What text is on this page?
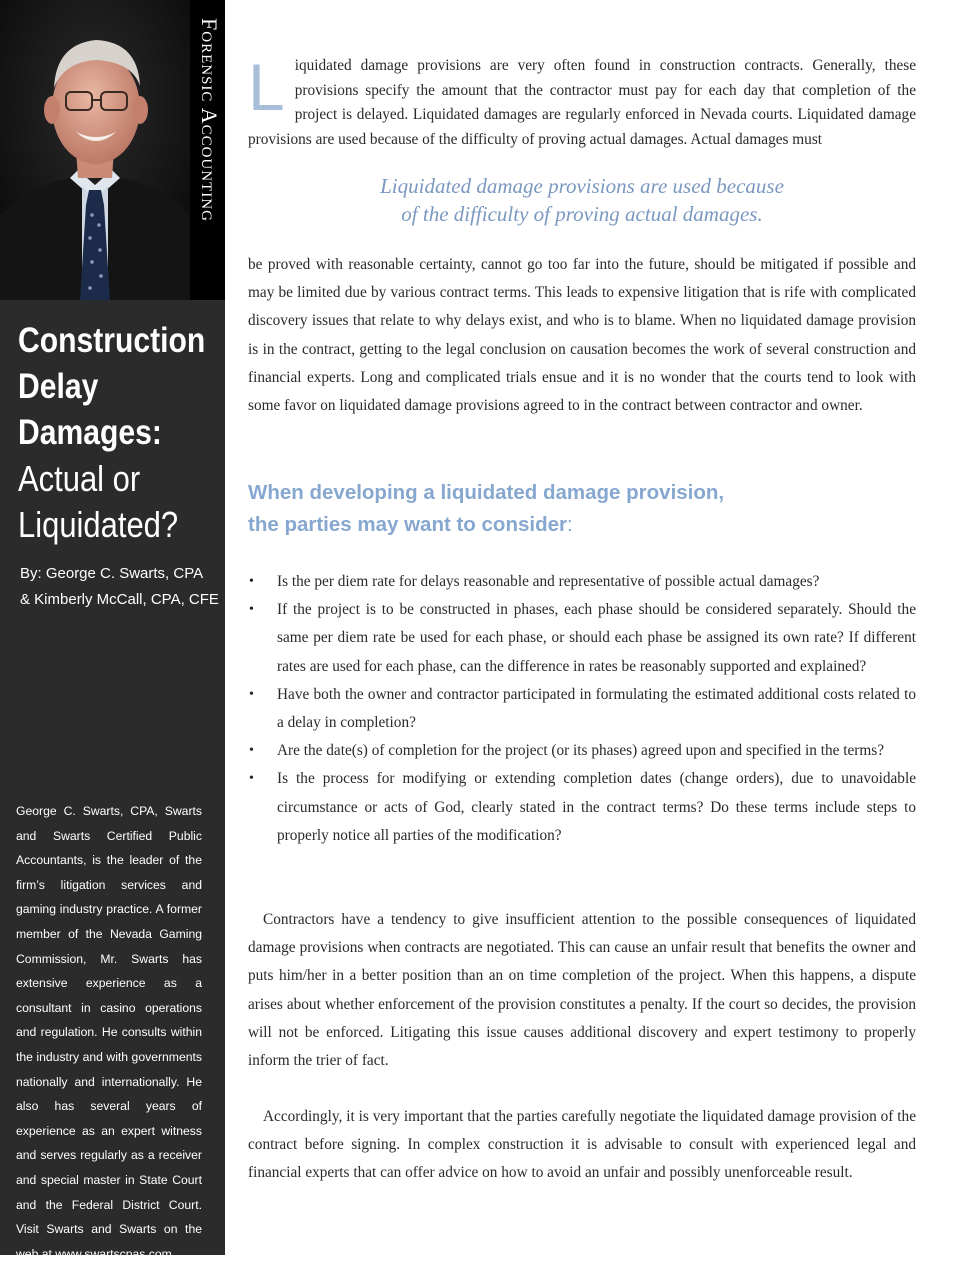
Forensic Accounting
Construction
Delay
Damages:
Actual or
Liquidated?
By: George C. Swarts, CPA
& Kimberly McCall, CPA, CFE
George C. Swarts, CPA, Swarts and Swarts Certified Public Accountants, is the leader of the firm’s litigation services and gaming industry practice. A former member of the Nevada Gaming Commission, Mr. Swarts has extensive experience as a consultant in casino operations and regulation. He consults within the industry and with governments nationally and internationally. He also has several years of experience as an expert witness and serves regularly as a receiver and special master in State Court and the Federal District Court. Visit Swarts and Swarts on the web at www.swartscpas.com.

Liquidated damage provisions are very often found in construction contracts. Generally, these provisions specify the amount that the contractor must pay for each day that completion of the project is delayed. Liquidated damages are regularly enforced in Nevada courts. Liquidated damage provisions are used because of the difficulty of proving actual damages. Actual damages must

Liquidated damage provisions are used because
of the difficulty of proving actual damages.

be proved with reasonable certainty, cannot go too far into the future, should be mitigated if possible and may be limited due by various contract terms. This leads to expensive litigation that is rife with complicated discovery issues that relate to why delays exist, and who is to blame. When no liquidated damage provision is in the contract, getting to the legal conclusion on causation becomes the work of several construction and financial experts. Long and complicated trials ensue and it is no wonder that the courts tend to look with some favor on liquidated damage provisions agreed to in the contract between contractor and owner.

When developing a liquidated damage provision,
the parties may want to consider:
• Is the per diem rate for delays reasonable and representative of possible actual damages?
• If the project is to be constructed in phases, each phase should be considered separately. Should the same per diem rate be used for each phase, or should each phase be assigned its own rate? If different rates are used for each phase, can the difference in rates be reasonably supported and explained?
• Have both the owner and contractor participated in formulating the estimated additional costs related to a delay in completion?
• Are the date(s) of completion for the project (or its phases) agreed upon and specified in the terms?
• Is the process for modifying or extending completion dates (change orders), due to unavoidable circumstance or acts of God, clearly stated in the contract terms? Do these terms include steps to properly notice all parties of the modification?

Contractors have a tendency to give insufficient attention to the possible consequences of liquidated damage provisions when contracts are negotiated. This can cause an unfair result that benefits the owner and puts him/her in a better position than an on time completion of the project. When this happens, a dispute arises about whether enforcement of the provision constitutes a penalty. If the court so decides, the provision will not be enforced. Litigating this issue causes additional discovery and expert testimony to properly inform the trier of fact.

Accordingly, it is very important that the parties carefully negotiate the liquidated damage provision of the contract before signing. In complex construction it is advisable to consult with experienced legal and financial experts that can offer advice on how to avoid an unfair and possibly unenforceable result.
